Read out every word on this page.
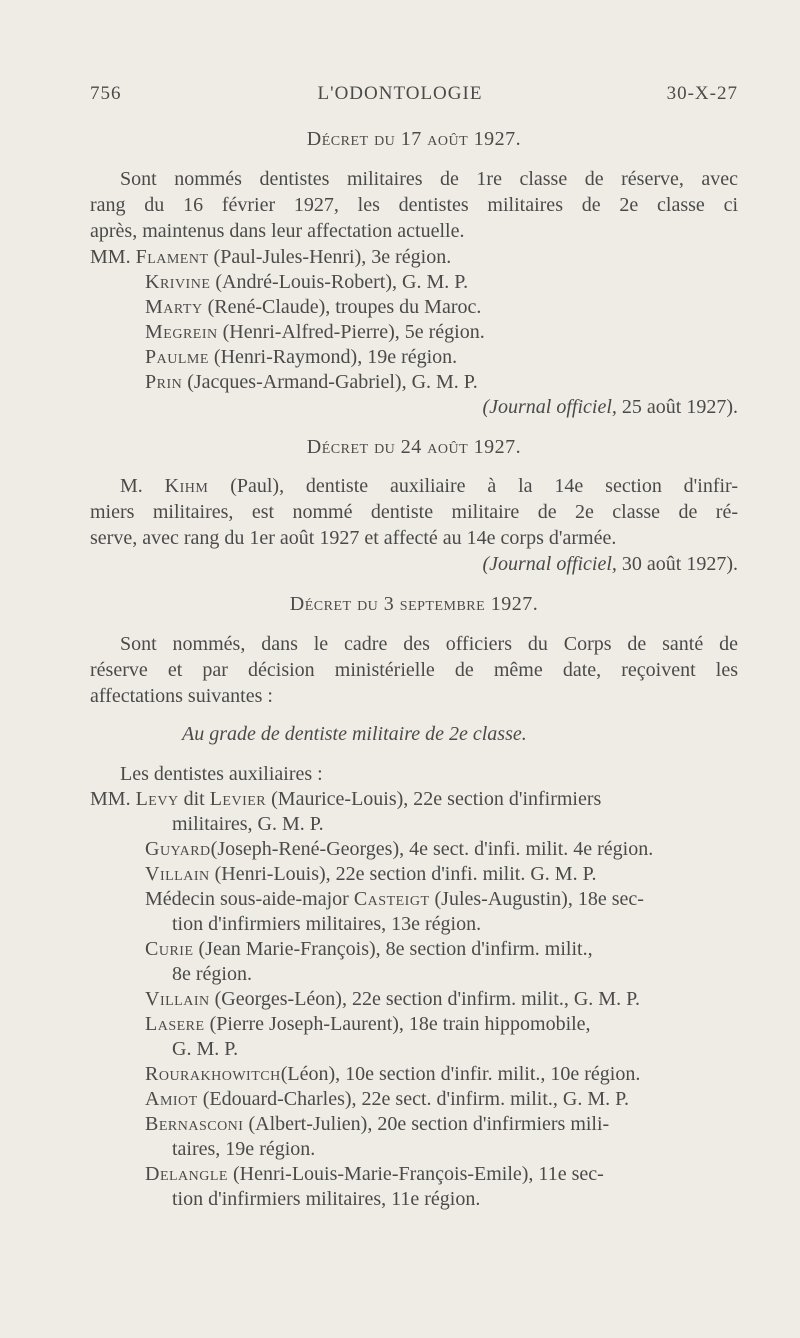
756	L'ODONTOLOGIE	30-X-27
Décret du 17 août 1927.
Sont nommés dentistes militaires de 1re classe de réserve, avec
rang du 16 février 1927, les dentistes militaires de 2e classe ci
après, maintenus dans leur affectation actuelle.
MM. Flament (Paul-Jules-Henri), 3e région.
Krivine (André-Louis-Robert), G. M. P.
Marty (René-Claude), troupes du Maroc.
Megrein (Henri-Alfred-Pierre), 5e région.
Paulme (Henri-Raymond), 19e région.
Prin (Jacques-Armand-Gabriel), G. M. P.
(Journal officiel, 25 août 1927).
Décret du 24 août 1927.
M. Kihm (Paul), dentiste auxiliaire à la 14e section d'infir-
miers militaires, est nommé dentiste militaire de 2e classe de ré-
serve, avec rang du 1er août 1927 et affecté au 14e corps d'armée.
(Journal officiel, 30 août 1927).
Décret du 3 septembre 1927.
Sont nommés, dans le cadre des officiers du Corps de santé de
réserve et par décision ministérielle de même date, reçoivent les
affectations suivantes :
Au grade de dentiste militaire de 2e classe.
Les dentistes auxiliaires :
MM. Levy dit Levier (Maurice-Louis), 22e section d'infirmiers
militaires, G. M. P.
Guyard(Joseph-René-Georges), 4e sect. d'infi. milit. 4e région.
Villain (Henri-Louis), 22e section d'infi. milit. G. M. P.
Médecin sous-aide-major Casteigt (Jules-Augustin), 18e sec-
tion d'infirmiers militaires, 13e région.
Curie (Jean Marie-François), 8e section d'infirm. milit.,
8e région.
Villain (Georges-Léon), 22e section d'infirm. milit., G. M. P.
Lasere (Pierre Joseph-Laurent), 18e train hippomobile,
G. M. P.
Rourakhowitch(Léon), 10e section d'infir. milit., 10e région.
Amiot (Edouard-Charles), 22e sect. d'infirm. milit., G. M. P.
Bernasconi (Albert-Julien), 20e section d'infirmiers mili-
taires, 19e région.
Delangle (Henri-Louis-Marie-François-Emile), 11e sec-
tion d'infirmiers militaires, 11e région.
